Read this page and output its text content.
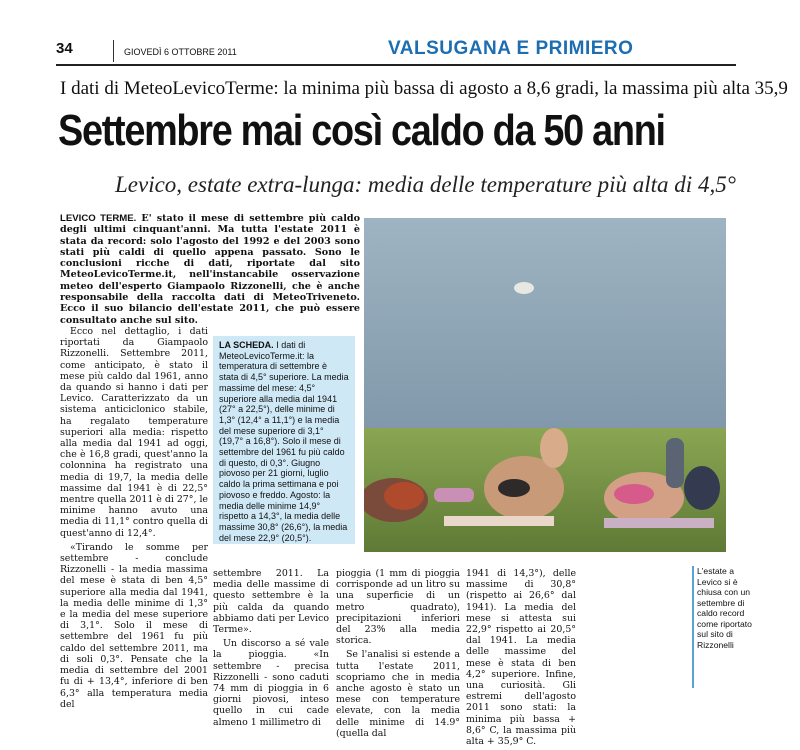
34	GIOVEDÌ 6 OTTOBRE 2011	VALSUGANA E PRIMIERO
I dati di MeteoLevicoTerme: la minima più bassa di agosto a 8,6 gradi, la massima più alta 35,9
Settembre mai così caldo da 50 anni
Levico, estate extra-lunga: media delle temperature più alta di 4,5°
LEVICO TERME. E' stato il mese di settembre più caldo degli ultimi cinquant'anni. Ma tutta l'estate 2011 è stata da record: solo l'agosto del 1992 e del 2003 sono stati più caldi di quello appena passato. Sono le conclusioni ricche di dati, riportate dal sito MeteoLevicoTerme.it, nell'instancabile osservazione meteo dell'esperto Giampaolo Rizzonelli, che è anche responsabile della raccolta dati di MeteoTriveneto. Ecco il suo bilancio dell'estate 2011, che può essere consultato anche sul sito.

Ecco nel dettaglio, i dati riportati da Giampaolo Rizzonelli. Settembre 2011, come anticipato, è stato il mese più caldo dal 1961, anno da quando si hanno i dati per Levico. Caratterizzato da un sistema anticiclonico stabile, ha regalato temperature superiori alla media: rispetto alla media dal 1941 ad oggi, che è 16,8 gradi, quest'anno la colonnina ha registrato una media di 19,7, la media delle massime dal 1941 è di 22,5° mentre quella 2011 è di 27°, le minime hanno avuto una media di 11,1° contro quella di quest'anno di 12,4°.

«Tirando le somme per settembre - conclude Rizzonelli - la media massima del mese è stata di ben 4,5° superiore alla media dal 1941, la media delle minime di 1,3° e la media del mese superiore di 3,1°. Solo il mese di settembre del 1961 fu più caldo del settembre 2011, ma di soli 0,3°. Pensate che la media di settembre del 2001 fu di + 13,4°, inferiore di ben 6,3° alla temperatura media del

LA SCHEDA. I dati di MeteoLevicoTerme.it: la temperatura di settembre è stata di 4,5° superiore. La media massime del mese: 4,5° superiore alla media dal 1941 (27° a 22,5°), delle minime di 1,3° (12,4° a 11,1°) e la media del mese superiore di 3,1° (19,7° a 16,8°). Solo il mese di settembre del 1961 fu più caldo di questo, di 0,3°. Giugno piovoso per 21 giorni, luglio caldo la prima settimana e poi piovoso e freddo. Agosto: la media delle minime 14,9° rispetto a 14,3°, la media delle massime 30,8° (26,6°), la media del mese 22,9° (20,5°).

settembre 2011. La media delle massime di questo settembre è la più calda da quando abbiamo dati per Levico Terme».

Un discorso a sé vale la pioggia. «In settembre - precisa Rizzonelli - sono caduti 74 mm di pioggia in 6 giorni piovosi, inteso quello in cui cade almeno 1 millimetro di

pioggia (1 mm di pioggia corrisponde ad un litro su una superficie di un metro quadrato), precipitazioni inferiori del 23% alla media storica.

Se l'analisi si estende a tutta l'estate 2011, scopriamo che in media anche agosto è stato un mese con temperature elevate, con la media delle minime di 14.9° (quella dal

1941 di 14,3°), delle massime di 30,8° (rispetto ai 26,6° dal 1941). La media del mese si attesta sui 22,9° rispetto ai 20,5° dal 1941. La media delle massime del mese è stata di ben 4,2° superiore. Infine, una curiosità. Gli estremi dell'agosto 2011 sono stati: la minima più bassa + 8,6° C, la massima più alta + 35,9° C.

L'estate a Levico si è chiusa con un settembre di caldo record come riportato sul sito di Rizzonelli
